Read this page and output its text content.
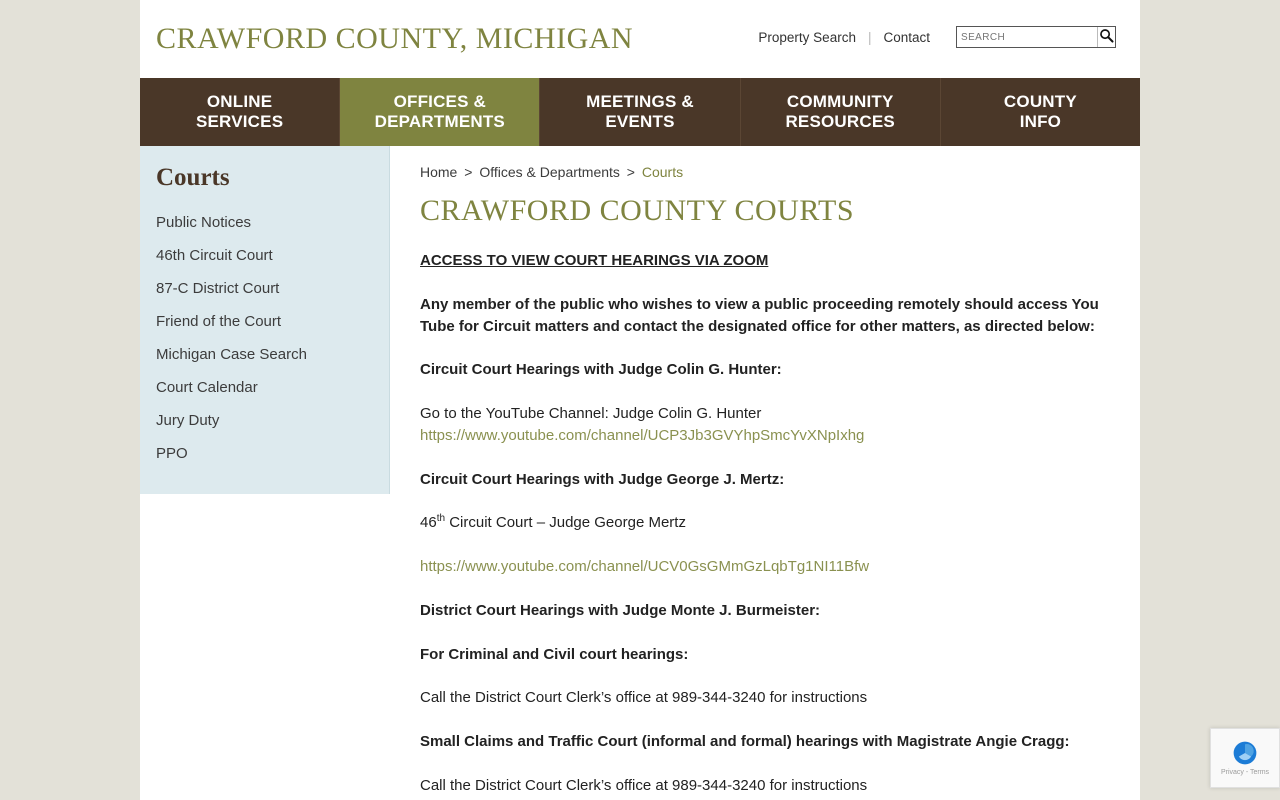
CRAWFORD COUNTY, MICHIGAN	Property Search | Contact
SEARCH
ONLINE
SERVICES
OFFICES &
DEPARTMENTS
MEETINGS &
EVENTS
COMMUNITY
RESOURCES
COUNTY
INFO
Courts
Public Notices
46th Circuit Court
87-C District Court
Friend of the Court
Michigan Case Search
Court Calendar
Jury Duty
PPO
Home > Offices & Departments > Courts
CRAWFORD COUNTY COURTS

ACCESS TO VIEW COURT HEARINGS VIA ZOOM

Any member of the public who wishes to view a public proceeding remotely should access You Tube for Circuit matters and contact the designated office for other matters, as directed below:

Circuit Court Hearings with Judge Colin G. Hunter:

Go to the YouTube Channel: Judge Colin G. Hunter
https://www.youtube.com/channel/UCP3Jb3GVYhpSmcYvXNpIxhg

Circuit Court Hearings with Judge George J. Mertz:

46th Circuit Court – Judge George Mertz

https://www.youtube.com/channel/UCV0GsGMmGzLqbTg1NI11Bfw

District Court Hearings with Judge Monte J. Burmeister:

For Criminal and Civil court hearings:

Call the District Court Clerk’s office at 989-344-3240 for instructions

Small Claims and Traffic Court (informal and formal) hearings with Magistrate Angie Cragg:

Call the District Court Clerk’s office at 989-344-3240 for instructions

Privacy - Terms
